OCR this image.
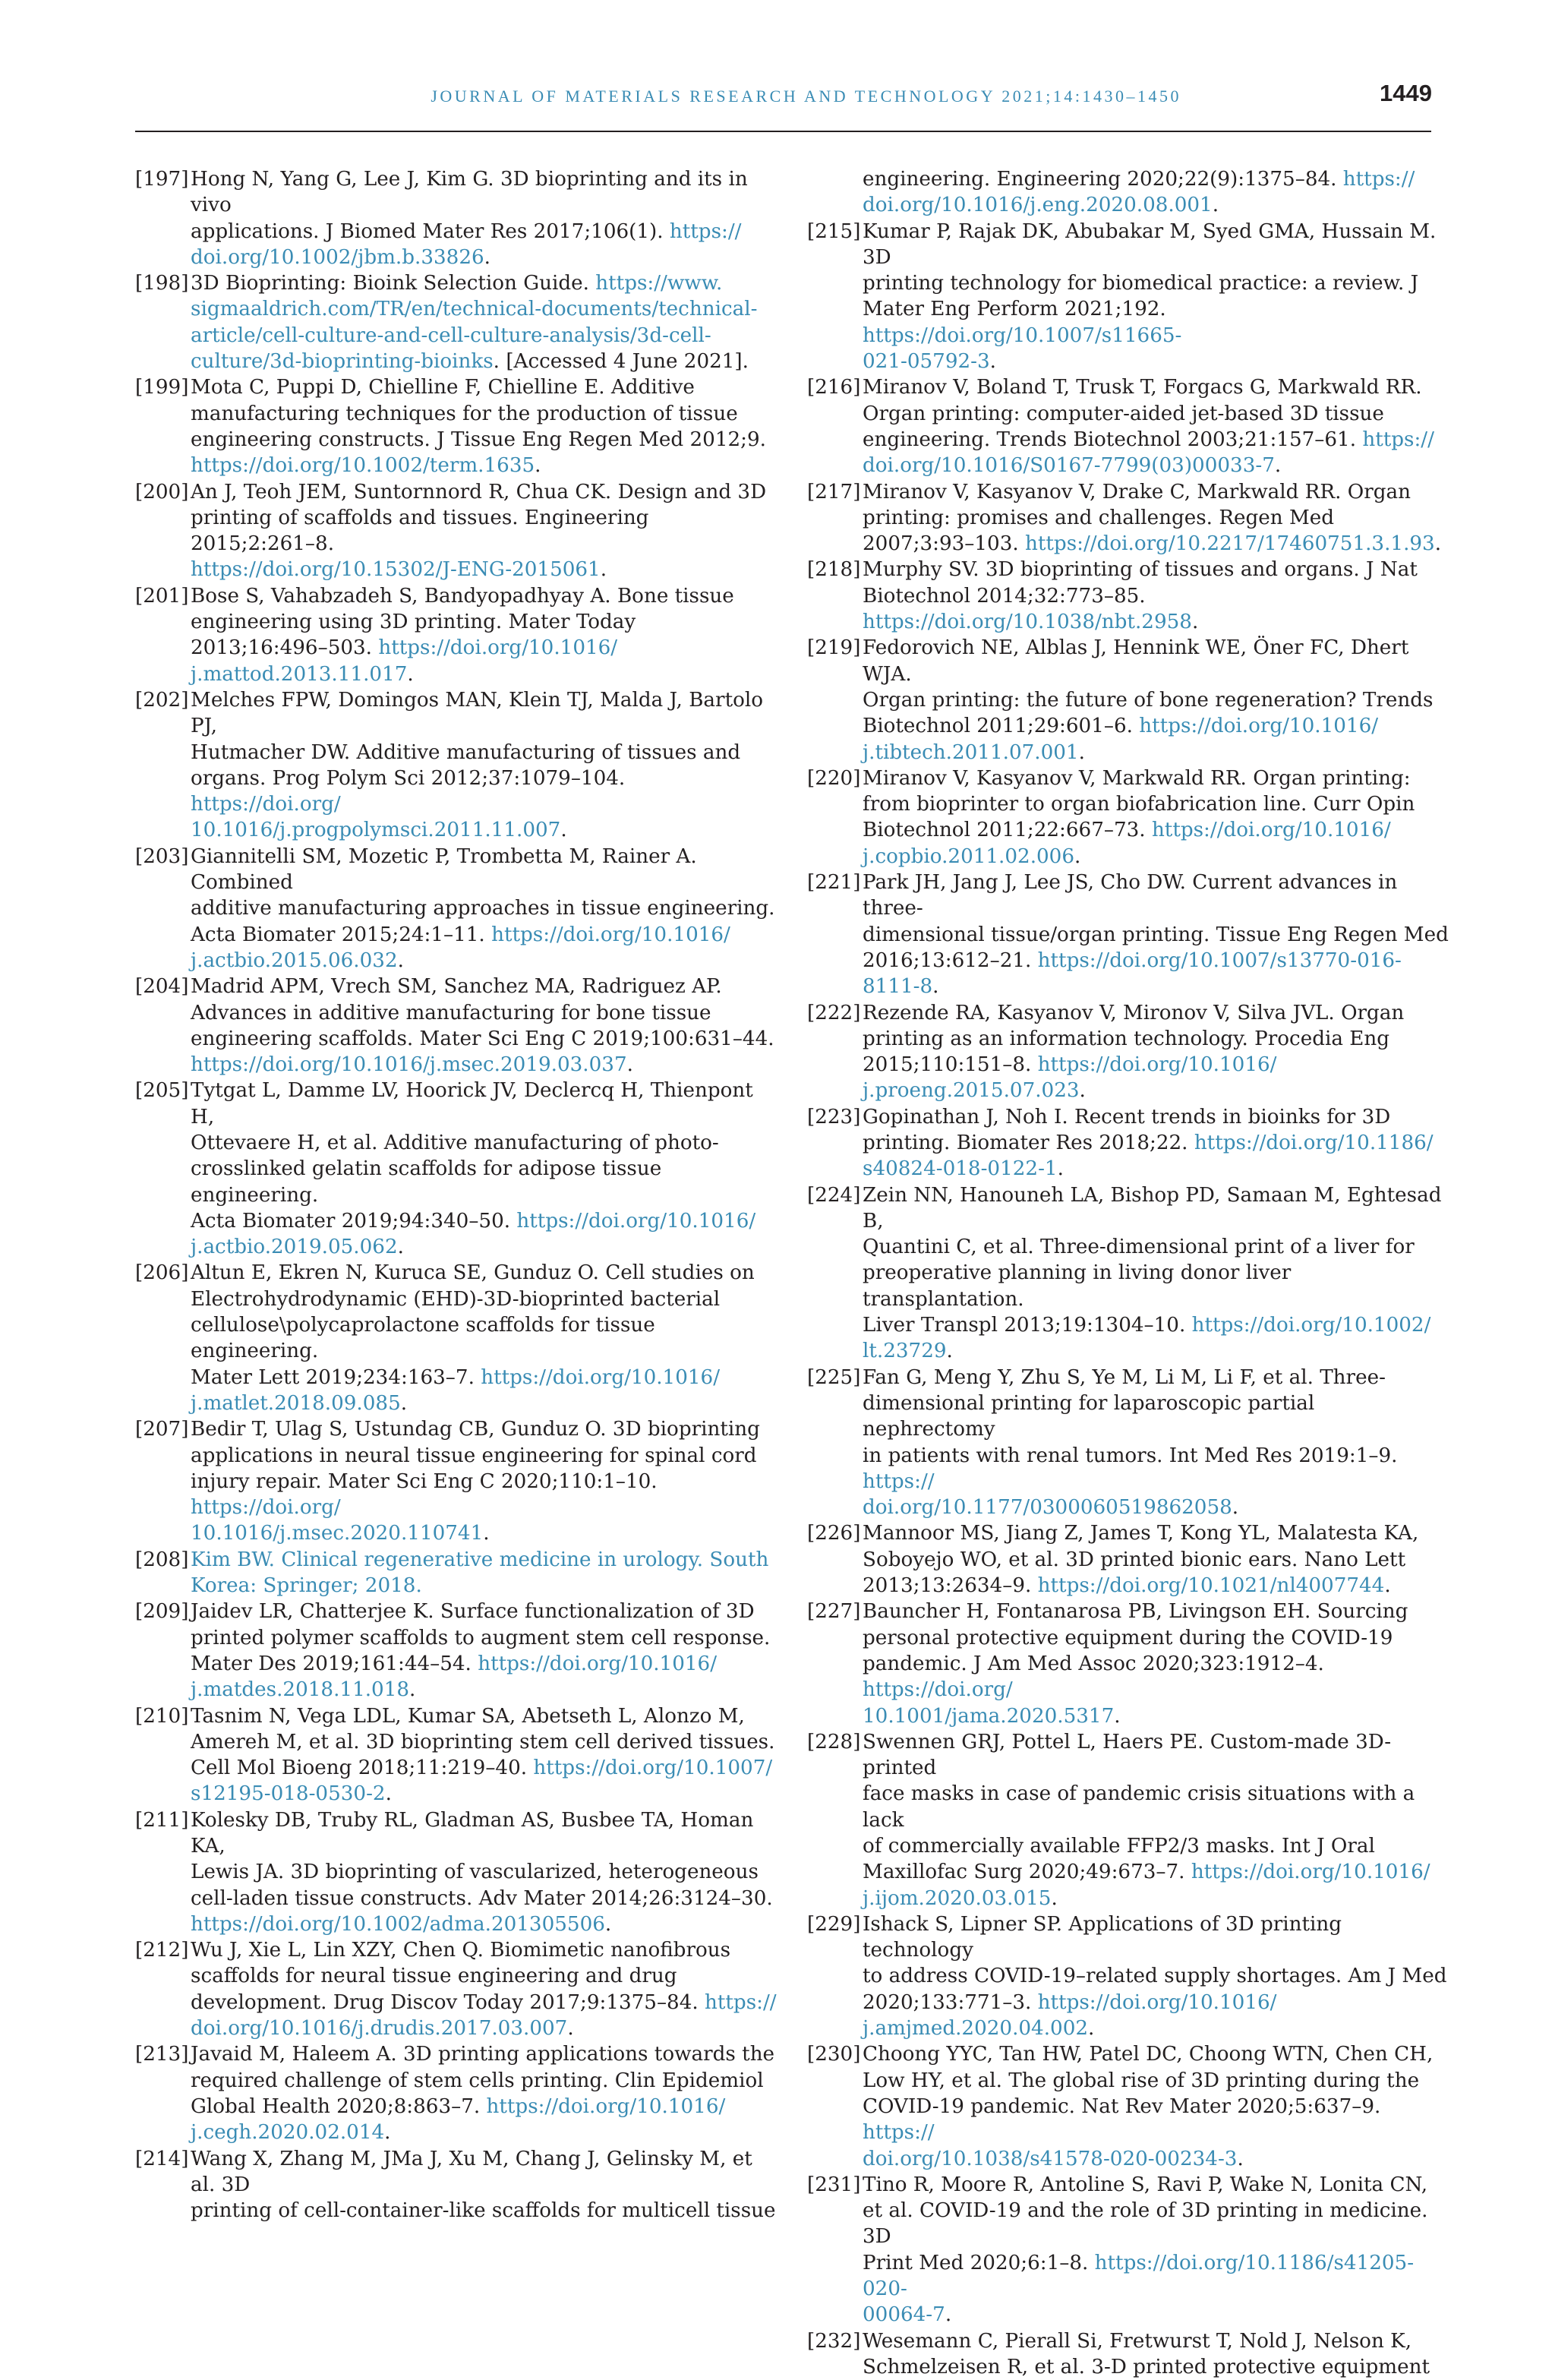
JOURNAL OF MATERIALS RESEARCH AND TECHNOLOGY 2021;14:1430–1450	1449
[197] Hong N, Yang G, Lee J, Kim G. 3D bioprinting and its in vivo
applications. J Biomed Mater Res 2017;106(1). https://
doi.org/10.1002/jbm.b.33826.
[198] 3D Bioprinting: Bioink Selection Guide. https://www.
sigmaaldrich.com/TR/en/technical-documents/technical-
article/cell-culture-and-cell-culture-analysis/3d-cell-
culture/3d-bioprinting-bioinks. [Accessed 4 June 2021].
[199] Mota C, Puppi D, Chielline F, Chielline E. Additive
manufacturing techniques for the production of tissue
engineering constructs. J Tissue Eng Regen Med 2012;9.
https://doi.org/10.1002/term.1635.
[200] An J, Teoh JEM, Suntornnord R, Chua CK. Design and 3D
printing of scaffolds and tissues. Engineering 2015;2:261–8.
https://doi.org/10.15302/J-ENG-2015061.
[201] Bose S, Vahabzadeh S, Bandyopadhyay A. Bone tissue
engineering using 3D printing. Mater Today
2013;16:496–503. https://doi.org/10.1016/
j.mattod.2013.11.017.
[202] Melches FPW, Domingos MAN, Klein TJ, Malda J, Bartolo PJ,
Hutmacher DW. Additive manufacturing of tissues and
organs. Prog Polym Sci 2012;37:1079–104. https://doi.org/
10.1016/j.progpolymsci.2011.11.007.
[203] Giannitelli SM, Mozetic P, Trombetta M, Rainer A. Combined
additive manufacturing approaches in tissue engineering.
Acta Biomater 2015;24:1–11. https://doi.org/10.1016/
j.actbio.2015.06.032.
[204] Madrid APM, Vrech SM, Sanchez MA, Radriguez AP.
Advances in additive manufacturing for bone tissue
engineering scaffolds. Mater Sci Eng C 2019;100:631–44.
https://doi.org/10.1016/j.msec.2019.03.037.
[205] Tytgat L, Damme LV, Hoorick JV, Declercq H, Thienpont H,
Ottevaere H, et al. Additive manufacturing of photo-
crosslinked gelatin scaffolds for adipose tissue engineering.
Acta Biomater 2019;94:340–50. https://doi.org/10.1016/
j.actbio.2019.05.062.
[206] Altun E, Ekren N, Kuruca SE, Gunduz O. Cell studies on
Electrohydrodynamic (EHD)-3D-bioprinted bacterial
cellulose\polycaprolactone scaffolds for tissue engineering.
Mater Lett 2019;234:163–7. https://doi.org/10.1016/
j.matlet.2018.09.085.
[207] Bedir T, Ulag S, Ustundag CB, Gunduz O. 3D bioprinting
applications in neural tissue engineering for spinal cord
injury repair. Mater Sci Eng C 2020;110:1–10. https://doi.org/
10.1016/j.msec.2020.110741.
[208] Kim BW. Clinical regenerative medicine in urology. South
Korea: Springer; 2018.
[209] Jaidev LR, Chatterjee K. Surface functionalization of 3D
printed polymer scaffolds to augment stem cell response.
Mater Des 2019;161:44–54. https://doi.org/10.1016/
j.matdes.2018.11.018.
[210] Tasnim N, Vega LDL, Kumar SA, Abetseth L, Alonzo M,
Amereh M, et al. 3D bioprinting stem cell derived tissues.
Cell Mol Bioeng 2018;11:219–40. https://doi.org/10.1007/
s12195-018-0530-2.
[211] Kolesky DB, Truby RL, Gladman AS, Busbee TA, Homan KA,
Lewis JA. 3D bioprinting of vascularized, heterogeneous
cell-laden tissue constructs. Adv Mater 2014;26:3124–30.
https://doi.org/10.1002/adma.201305506.
[212] Wu J, Xie L, Lin XZY, Chen Q. Biomimetic nanofibrous
scaffolds for neural tissue engineering and drug
development. Drug Discov Today 2017;9:1375–84. https://
doi.org/10.1016/j.drudis.2017.03.007.
[213] Javaid M, Haleem A. 3D printing applications towards the
required challenge of stem cells printing. Clin Epidemiol
Global Health 2020;8:863–7. https://doi.org/10.1016/
j.cegh.2020.02.014.
[214] Wang X, Zhang M, JMa J, Xu M, Chang J, Gelinsky M, et al. 3D
printing of cell-container-like scaffolds for multicell tissue
engineering. Engineering 2020;22(9):1375–84. https://
doi.org/10.1016/j.eng.2020.08.001.
[215] Kumar P, Rajak DK, Abubakar M, Syed GMA, Hussain M. 3D
printing technology for biomedical practice: a review. J
Mater Eng Perform 2021;192. https://doi.org/10.1007/s11665-
021-05792-3.
[216] Miranov V, Boland T, Trusk T, Forgacs G, Markwald RR.
Organ printing: computer-aided jet-based 3D tissue
engineering. Trends Biotechnol 2003;21:157–61. https://
doi.org/10.1016/S0167-7799(03)00033-7.
[217] Miranov V, Kasyanov V, Drake C, Markwald RR. Organ
printing: promises and challenges. Regen Med
2007;3:93–103. https://doi.org/10.2217/17460751.3.1.93.
[218] Murphy SV. 3D bioprinting of tissues and organs. J Nat
Biotechnol 2014;32:773–85. https://doi.org/10.1038/nbt.2958.
[219] Fedorovich NE, Alblas J, Hennink WE, Öner FC, Dhert WJA.
Organ printing: the future of bone regeneration? Trends
Biotechnol 2011;29:601–6. https://doi.org/10.1016/
j.tibtech.2011.07.001.
[220] Miranov V, Kasyanov V, Markwald RR. Organ printing:
from bioprinter to organ biofabrication line. Curr Opin
Biotechnol 2011;22:667–73. https://doi.org/10.1016/
j.copbio.2011.02.006.
[221] Park JH, Jang J, Lee JS, Cho DW. Current advances in three-
dimensional tissue/organ printing. Tissue Eng Regen Med
2016;13:612–21. https://doi.org/10.1007/s13770-016-8111-8.
[222] Rezende RA, Kasyanov V, Mironov V, Silva JVL. Organ
printing as an information technology. Procedia Eng
2015;110:151–8. https://doi.org/10.1016/
j.proeng.2015.07.023.
[223] Gopinathan J, Noh I. Recent trends in bioinks for 3D
printing. Biomater Res 2018;22. https://doi.org/10.1186/
s40824-018-0122-1.
[224] Zein NN, Hanouneh LA, Bishop PD, Samaan M, Eghtesad B,
Quantini C, et al. Three-dimensional print of a liver for
preoperative planning in living donor liver transplantation.
Liver Transpl 2013;19:1304–10. https://doi.org/10.1002/
lt.23729.
[225] Fan G, Meng Y, Zhu S, Ye M, Li M, Li F, et al. Three-
dimensional printing for laparoscopic partial nephrectomy
in patients with renal tumors. Int Med Res 2019:1–9. https://
doi.org/10.1177/0300060519862058.
[226] Mannoor MS, Jiang Z, James T, Kong YL, Malatesta KA,
Soboyejo WO, et al. 3D printed bionic ears. Nano Lett
2013;13:2634–9. https://doi.org/10.1021/nl4007744.
[227] Bauncher H, Fontanarosa PB, Livingson EH. Sourcing
personal protective equipment during the COVID-19
pandemic. J Am Med Assoc 2020;323:1912–4. https://doi.org/
10.1001/jama.2020.5317.
[228] Swennen GRJ, Pottel L, Haers PE. Custom-made 3D-printed
face masks in case of pandemic crisis situations with a lack
of commercially available FFP2/3 masks. Int J Oral
Maxillofac Surg 2020;49:673–7. https://doi.org/10.1016/
j.ijom.2020.03.015.
[229] Ishack S, Lipner SP. Applications of 3D printing technology
to address COVID-19–related supply shortages. Am J Med
2020;133:771–3. https://doi.org/10.1016/
j.amjmed.2020.04.002.
[230] Choong YYC, Tan HW, Patel DC, Choong WTN, Chen CH,
Low HY, et al. The global rise of 3D printing during the
COVID-19 pandemic. Nat Rev Mater 2020;5:637–9. https://
doi.org/10.1038/s41578-020-00234-3.
[231] Tino R, Moore R, Antoline S, Ravi P, Wake N, Lonita CN,
et al. COVID-19 and the role of 3D printing in medicine. 3D
Print Med 2020;6:1–8. https://doi.org/10.1186/s41205-020-
00064-7.
[232] Wesemann C, Pierall Si, Fretwurst T, Nold J, Nelson K,
Schmelzeisen R, et al. 3-D printed protective equipment
